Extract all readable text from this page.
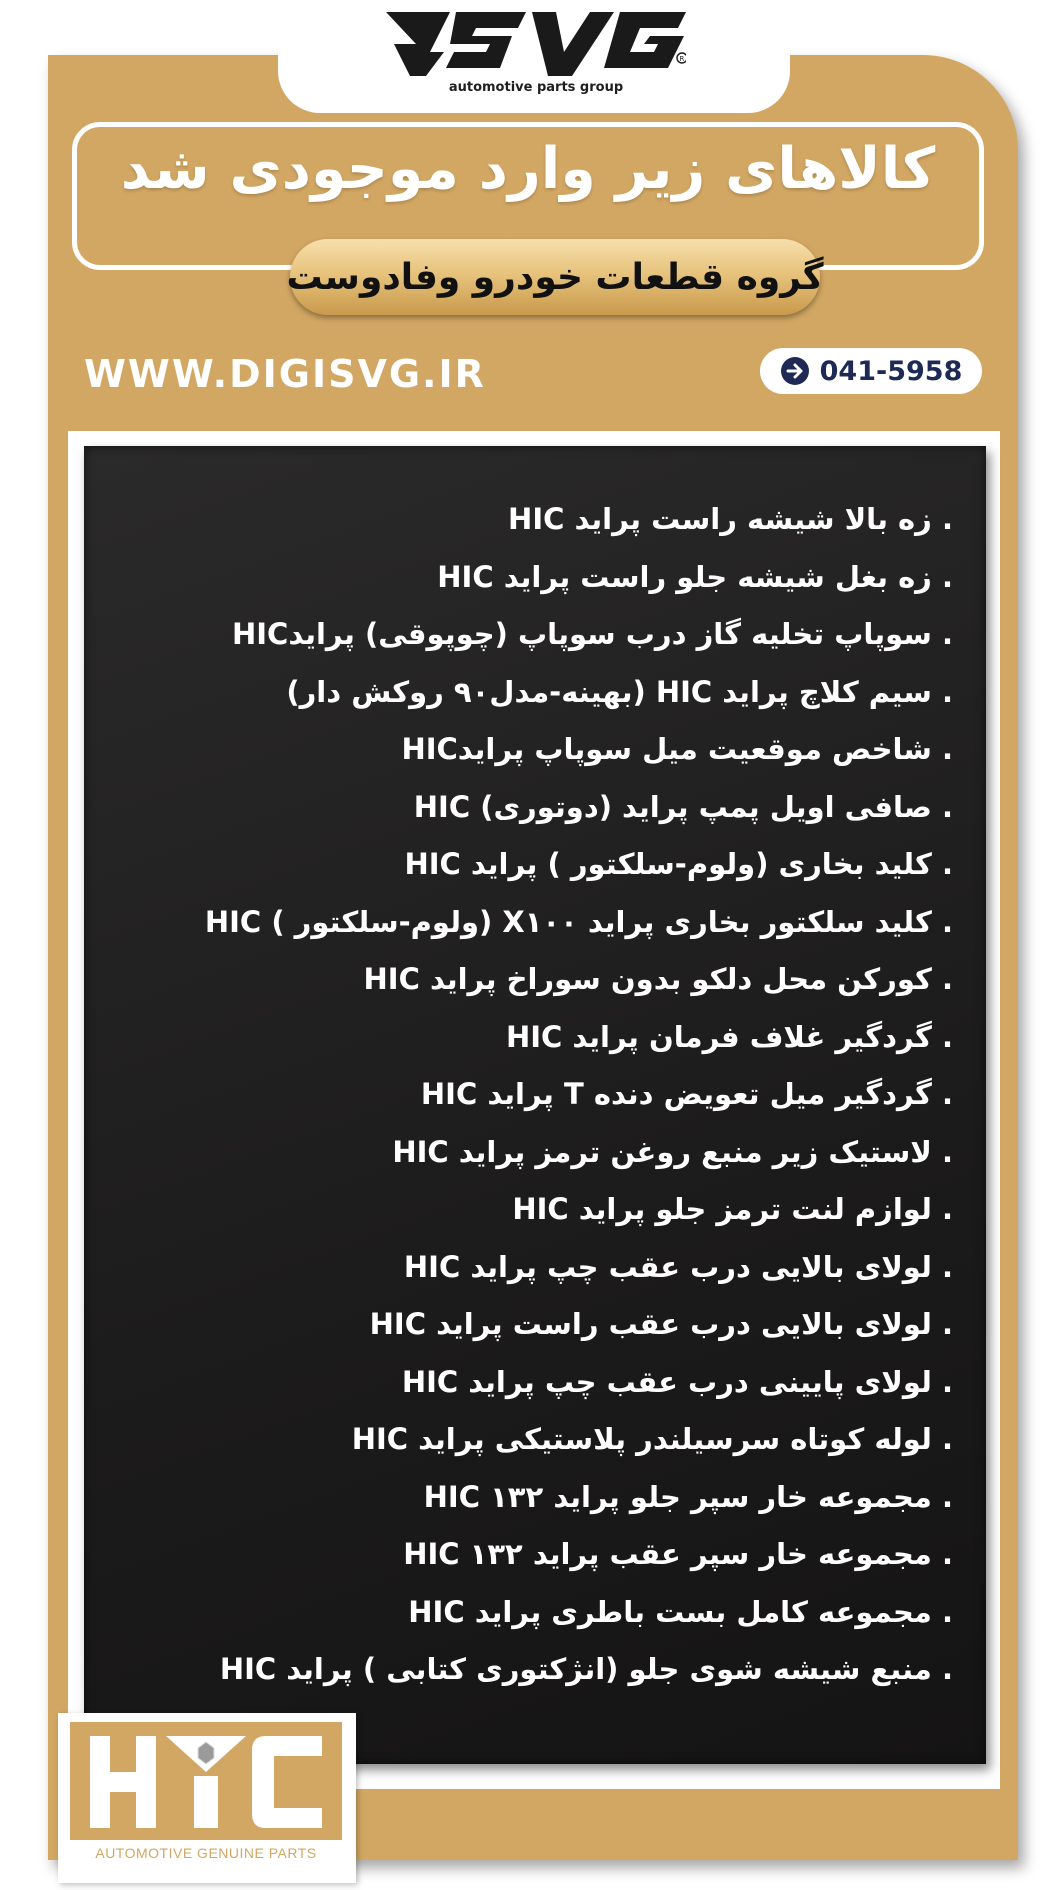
R
automotive parts group
کالاهای زیر وارد موجودی شد
گروه قطعات خودرو وفادوست
WWW.DIGISVG.IR	041-5958
. زه بالا شیشه راست پراید HIC
. زه بغل شیشه جلو راست پراید HIC
. سوپاپ تخلیه گاز درب سوپاپ (چوپوقی) پرایدHIC
. سیم کلاچ پراید HIC (بهینه-مدل۹۰ روکش دار)
. شاخص موقعیت میل سوپاپ پرایدHIC
. صافی اویل پمپ پراید (دوتوری) HIC
. کلید بخاری (ولوم-سلکتور ) پراید HIC
. کلید سلکتور بخاری پراید X۱۰۰ (ولوم-سلکتور ) HIC
. کورکن محل دلکو بدون سوراخ پراید HIC
. گردگیر غلاف فرمان پراید HIC
. گردگیر میل تعویض دنده T پراید HIC
. لاستیک زیر منبع روغن ترمز پراید HIC
. لوازم لنت ترمز جلو پراید HIC
. لولای بالایی درب عقب چپ پراید HIC
. لولای بالایی درب عقب راست پراید HIC
. لولای پایینی درب عقب چپ پراید HIC
. لوله کوتاه سرسیلندر پلاستیکی پراید HIC
. مجموعه خار سپر جلو پراید ۱۳۲ HIC
. مجموعه خار سپر عقب پراید ۱۳۲ HIC
. مجموعه کامل بست باطری پراید HIC
. منبع شیشه شوی جلو (انژکتوری کتابی ) پراید HIC
AUTOMOTIVE GENUINE PARTS
